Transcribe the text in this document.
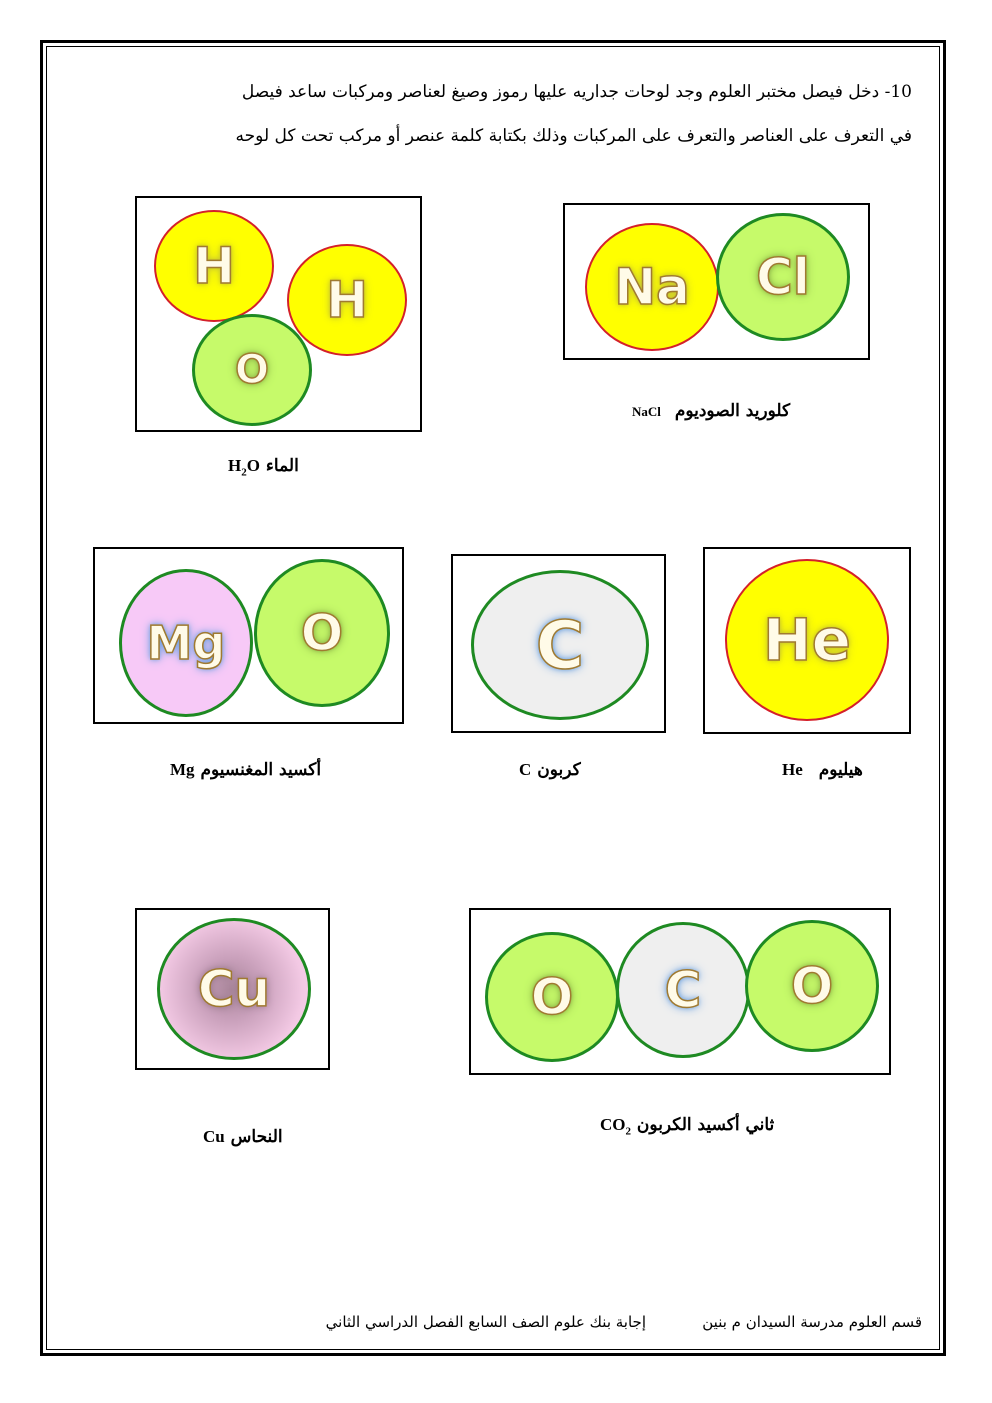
10- دخل فيصل مختبر العلوم وجد لوحات جداريه عليها رموز وصيغ لعناصر ومركبات ساعد فيصل
في التعرف على العناصر والتعرف على المركبات وذلك بكتابة كلمة عنصر أو مركب تحت كل لوحه
H
H
O
الماء $H_2O$
Na	Cl
كلوريد الصوديوم NaCl
Mg	O
أكسيد المغنسيوم Mg
C
كربون C
He
هيليوم He
Cu
النحاس Cu
O	C	O
ثاني أكسيد الكربون $CO_2$
قسم العلوم مدرسة السيدان م بنين
إجابة بنك علوم الصف السابع الفصل الدراسي الثاني
